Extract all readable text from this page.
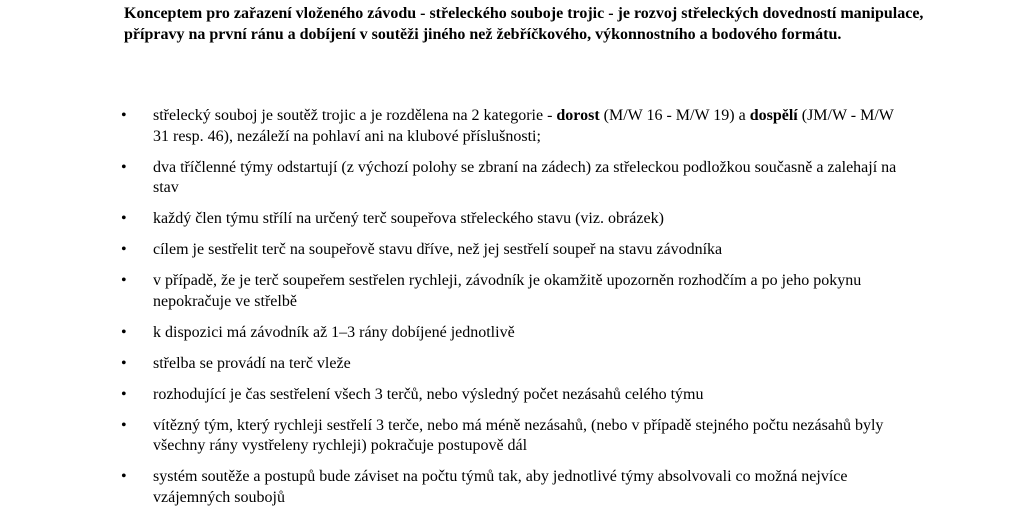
Konceptem pro zařazení vloženého závodu - střeleckého souboje trojic - je rozvoj střeleckých dovedností manipulace, přípravy na první ránu a dobíjení v soutěži jiného než žebříčkového, výkonnostního a bodového formátu.

• střelecký souboj je soutěž trojic a je rozdělena na 2 kategorie - dorost (M/W 16 - M/W 19) a dospělí (JM/W - M/W 31 resp. 46), nezáleží na pohlaví ani na klubové příslušnosti;
• dva tříčlenné týmy odstartují (z výchozí polohy se zbraní na zádech) za střeleckou podložkou současně a zalehají na stav
• každý člen týmu střílí na určený terč soupeřova střeleckého stavu (viz. obrázek)
• cílem je sestřelit terč na soupeřově stavu dříve, než jej sestřelí soupeř na stavu závodníka
• v případě, že je terč soupeřem sestřelen rychleji, závodník je okamžitě upozorněn rozhodčím a po jeho pokynu nepokračuje ve střelbě
• k dispozici má závodník až 1–3 rány dobíjené jednotlivě
• střelba se provádí na terč vleže
• rozhodující je čas sestřelení všech 3 terčů, nebo výsledný počet nezásahů celého týmu
• vítězný tým, který rychleji sestřelí 3 terče, nebo má méně nezásahů, (nebo v případě stejného počtu nezásahů byly všechny rány vystřeleny rychleji) pokračuje postupově dál
• systém soutěže a postupů bude záviset na počtu týmů tak, aby jednotlivé týmy absolvovali co možná nejvíce vzájemných soubojů
